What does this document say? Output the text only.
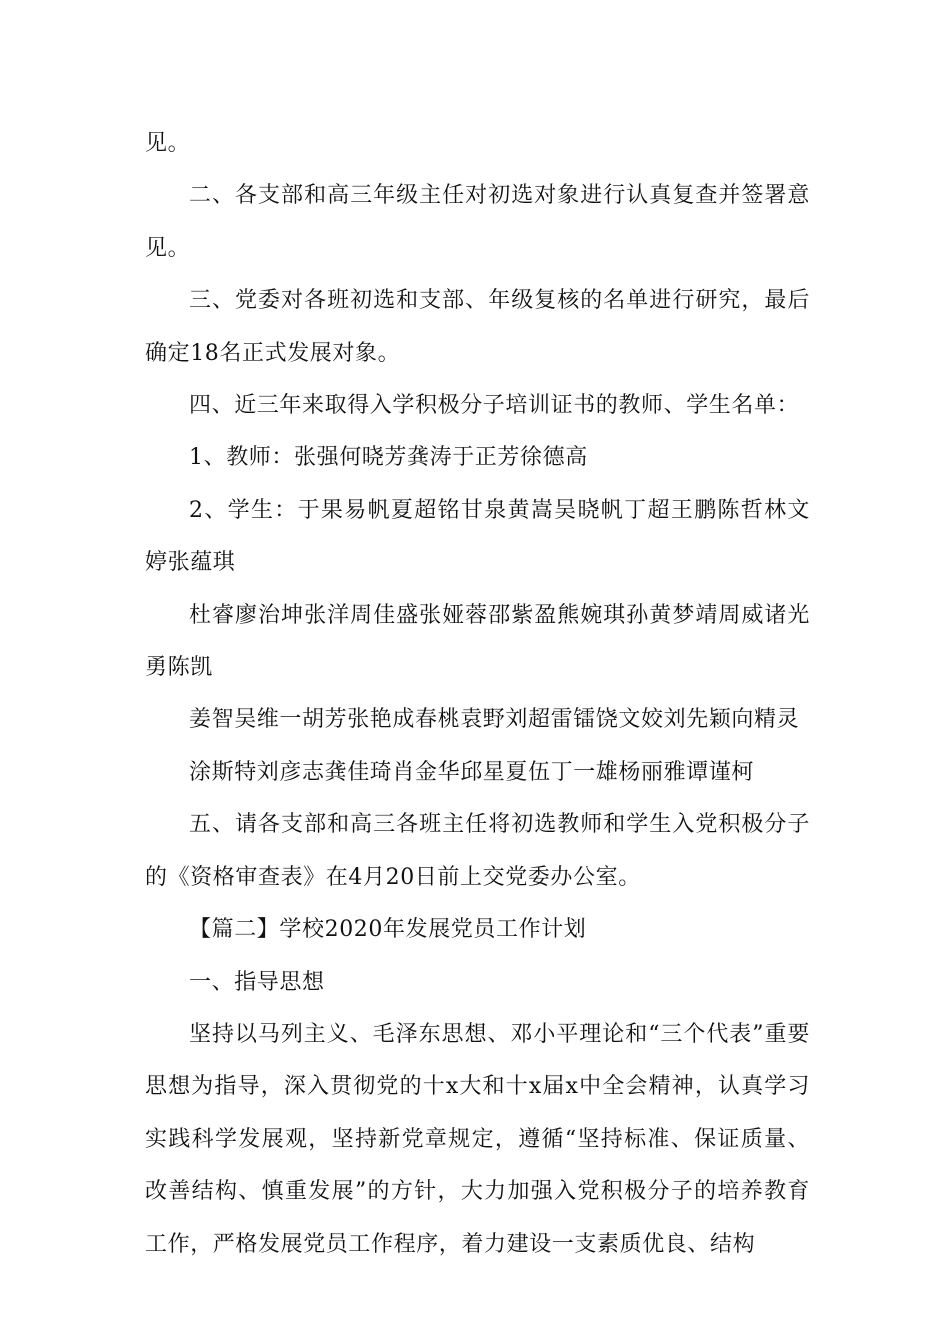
见。

二、各支部和高三年级主任对初选对象进行认真复查并签署意见。

三、党委对各班初选和支部、年级复核的名单进行研究，最后确定18名正式发展对象。

四、近三年来取得入学积极分子培训证书的教师、学生名单：

1、教师：张强何晓芳龚涛于正芳徐德高

2、学生：于果易帆夏超铭甘泉黄嵩吴晓帆丁超王鹏陈哲林文婷张蕴琪

杜睿廖治坤张洋周佳盛张娅蓉邵紫盈熊婉琪孙黄梦靖周威诸光勇陈凯

姜智吴维一胡芳张艳成春桃袁野刘超雷镭饶文姣刘先颖向精灵

涂斯特刘彦志龚佳琦肖金华邱星夏伍丁一雄杨丽雅谭谨柯

五、请各支部和高三各班主任将初选教师和学生入党积极分子的《资格审查表》在4月20日前上交党委办公室。

【篇二】学校2020年发展党员工作计划

一、指导思想

坚持以马列主义、毛泽东思想、邓小平理论和“三个代表”重要思想为指导，深入贯彻党的十x大和十x届x中全会精神，认真学习实践科学发展观，坚持新党章规定，遵循“坚持标准、保证质量、改善结构、慎重发展”的方针，大力加强入党积极分子的培养教育工作，严格发展党员工作程序，着力建设一支素质优良、结构
